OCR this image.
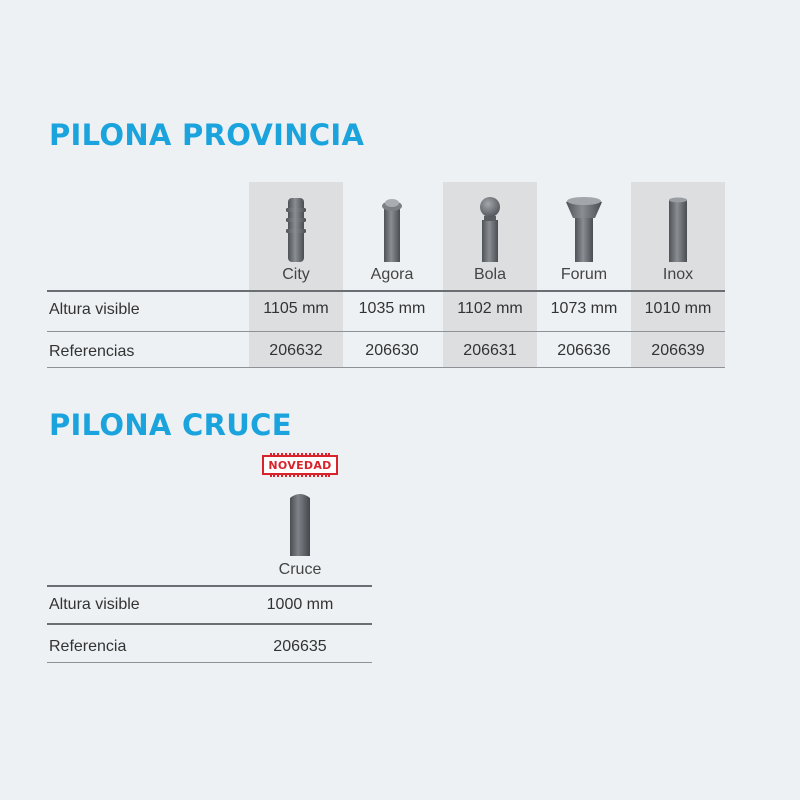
PILONA PROVINCIA
Altura visible
Referencias
City
1105 mm
206632
Agora
1035 mm
206630
Bola
1102 mm
206631
Forum
1073 mm
206636
Inox
1010 mm
206639
PILONA CRUCE
NOVEDAD
Cruce
Altura visible	1000 mm
Referencia	206635
